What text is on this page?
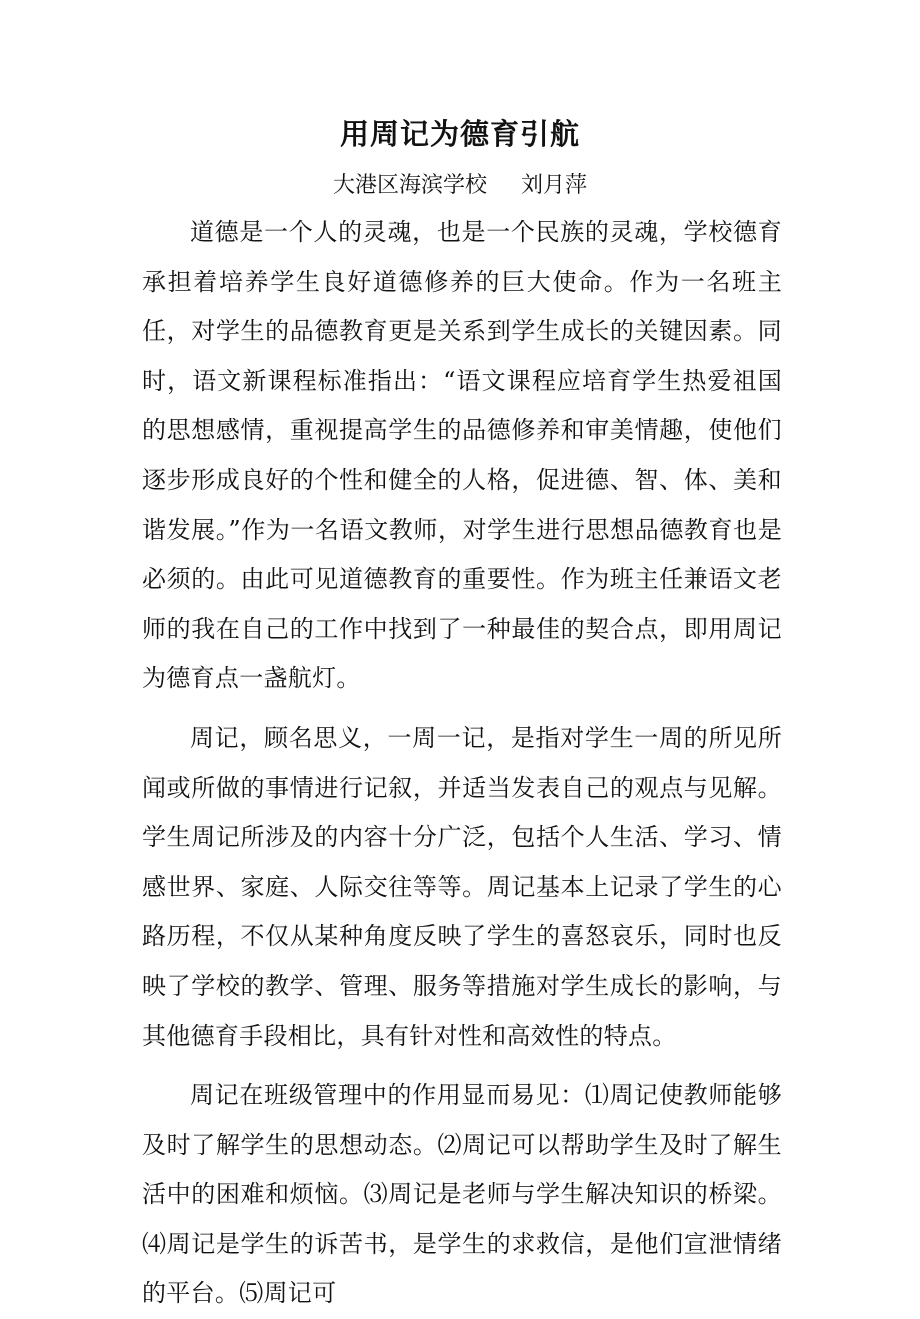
用周记为德育引航
大港区海滨学校 刘月萍

道德是一个人的灵魂，也是一个民族的灵魂，学校德育承担着培养学生良好道德修养的巨大使命。作为一名班主任，对学生的品德教育更是关系到学生成长的关键因素。同时，语文新课程标准指出：“语文课程应培育学生热爱祖国的思想感情，重视提高学生的品德修养和审美情趣，使他们逐步形成良好的个性和健全的人格，促进德、智、体、美和谐发展。”作为一名语文教师，对学生进行思想品德教育也是必须的。由此可见道德教育的重要性。作为班主任兼语文老师的我在自己的工作中找到了一种最佳的契合点，即用周记为德育点一盏航灯。

周记，顾名思义，一周一记，是指对学生一周的所见所闻或所做的事情进行记叙，并适当发表自己的观点与见解。学生周记所涉及的内容十分广泛，包括个人生活、学习、情感世界、家庭、人际交往等等。周记基本上记录了学生的心路历程，不仅从某种角度反映了学生的喜怒哀乐，同时也反映了学校的教学、管理、服务等措施对学生成长的影响，与其他德育手段相比，具有针对性和高效性的特点。

周记在班级管理中的作用显而易见：⑴周记使教师能够及时了解学生的思想动态。⑵周记可以帮助学生及时了解生活中的困难和烦恼。⑶周记是老师与学生解决知识的桥梁。⑷周记是学生的诉苦书，是学生的求救信，是他们宣泄情绪的平台。⑸周记可
